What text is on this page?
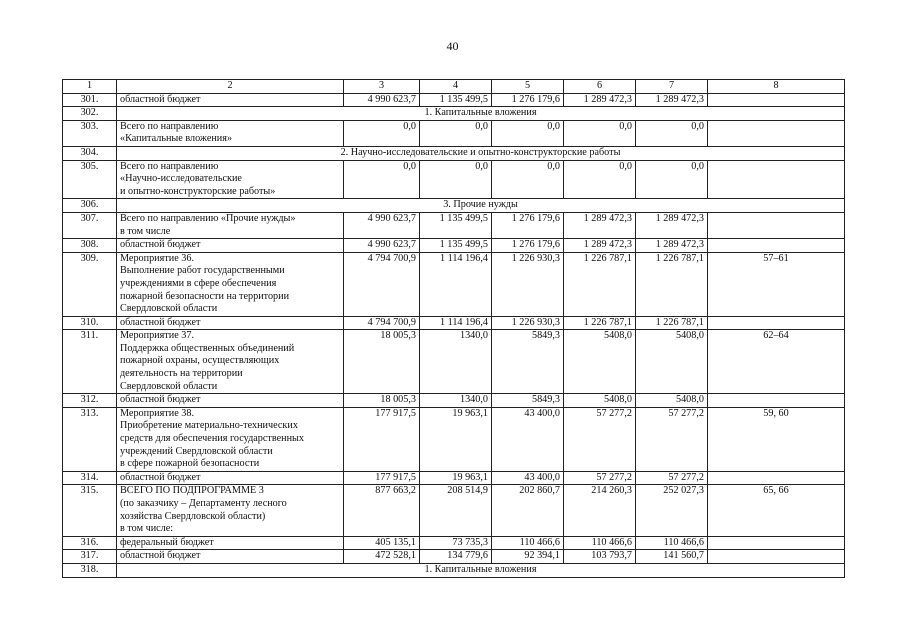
40
1	2	3	4	5	6	7	8
301.	областной бюджет	4 990 623,7	1 135 499,5	1 276 179,6	1 289 472,3	1 289 472,3	
302.	1. Капитальные вложения						
303.	Всего по направлению
«Капитальные вложения»	0,0	0,0	0,0	0,0	0,0	
304.	2. Научно-исследовательские и опытно-конструкторские работы						
305.	Всего по направлению
«Научно-исследовательские
и опытно-конструкторские работы»	0,0	0,0	0,0	0,0	0,0	
306.	3. Прочие нужды						
307.	Всего по направлению «Прочие нужды»
в том числе	4 990 623,7	1 135 499,5	1 276 179,6	1 289 472,3	1 289 472,3	
308.	областной бюджет	4 990 623,7	1 135 499,5	1 276 179,6	1 289 472,3	1 289 472,3	
309.	Мероприятие 36.
Выполнение работ государственными
учреждениями в сфере обеспечения
пожарной безопасности на территории
Свердловской области	4 794 700,9	1 114 196,4	1 226 930,3	1 226 787,1	1 226 787,1	57–61
310.	областной бюджет	4 794 700,9	1 114 196,4	1 226 930,3	1 226 787,1	1 226 787,1	
311.	Мероприятие 37.
Поддержка общественных объединений
пожарной охраны, осуществляющих
деятельность на территории
Свердловской области	18 005,3	1340,0	5849,3	5408,0	5408,0	62–64
312.	областной бюджет	18 005,3	1340,0	5849,3	5408,0	5408,0	
313.	Мероприятие 38.
Приобретение материально-технических
средств для обеспечения государственных
учреждений Свердловской области
в сфере пожарной безопасности	177 917,5	19 963,1	43 400,0	57 277,2	57 277,2	59, 60
314.	областной бюджет	177 917,5	19 963,1	43 400,0	57 277,2	57 277,2	
315.	ВСЕГО ПО ПОДПРОГРАММЕ 3
(по заказчику – Департаменту лесного
хозяйства Свердловской области)
в том числе:	877 663,2	208 514,9	202 860,7	214 260,3	252 027,3	65, 66
316.	федеральный бюджет	405 135,1	73 735,3	110 466,6	110 466,6	110 466,6	
317.	областной бюджет	472 528,1	134 779,6	92 394,1	103 793,7	141 560,7	
318.	1. Капитальные вложения						
